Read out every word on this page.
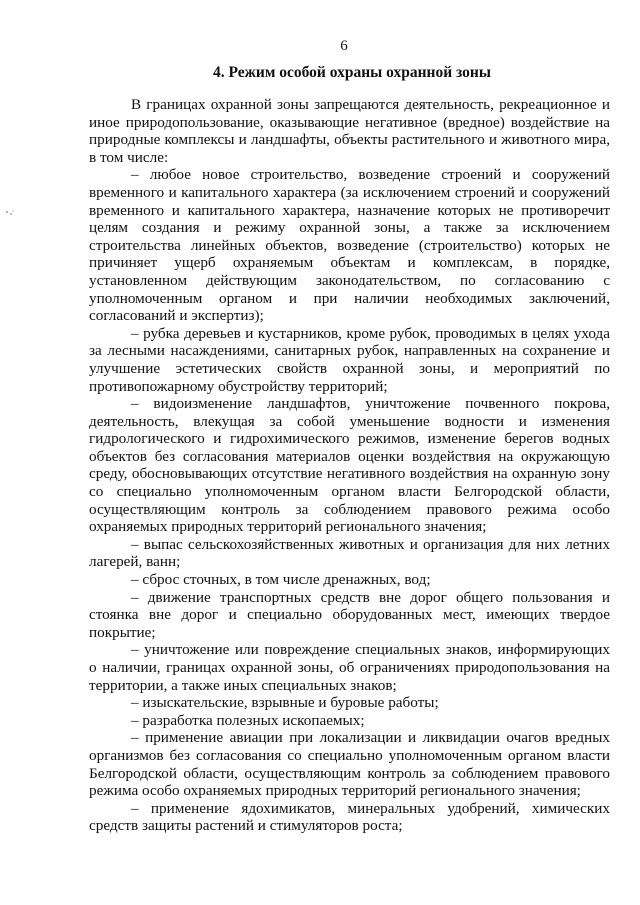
6
4. Режим особой охраны охранной зоны

В границах охранной зоны запрещаются деятельность, рекреационное и иное природопользование, оказывающие негативное (вредное) воздействие на природные комплексы и ландшафты, объекты растительного и животного мира, в том числе:

– любое новое строительство, возведение строений и сооружений временного и капитального характера (за исключением строений и сооружений временного и капитального характера, назначение которых не противоречит целям создания и режиму охранной зоны, а также за исключением строительства линейных объектов, возведение (строительство) которых не причиняет ущерб охраняемым объектам и комплексам, в порядке, установленном действующим законодательством, по согласованию с уполномоченным органом и при наличии необходимых заключений, согласований и экспертиз);

– рубка деревьев и кустарников, кроме рубок, проводимых в целях ухода за лесными насаждениями, санитарных рубок, направленных на сохранение и улучшение эстетических свойств охранной зоны, и мероприятий по противопожарному обустройству территорий;

– видоизменение ландшафтов, уничтожение почвенного покрова, деятельность, влекущая за собой уменьшение водности и изменения гидрологического и гидрохимического режимов, изменение берегов водных объектов без согласования материалов оценки воздействия на окружающую среду, обосновывающих отсутствие негативного воздействия на охранную зону со специально уполномоченным органом власти Белгородской области, осуществляющим контроль за соблюдением правового режима особо охраняемых природных территорий регионального значения;

– выпас сельскохозяйственных животных и организация для них летних лагерей, ванн;

– сброс сточных, в том числе дренажных, вод;

– движение транспортных средств вне дорог общего пользования и стоянка вне дорог и специально оборудованных мест, имеющих твердое покрытие;

– уничтожение или повреждение специальных знаков, информирующих о наличии, границах охранной зоны, об ограничениях природопользования на территории, а также иных специальных знаков;

– изыскательские, взрывные и буровые работы;

– разработка полезных ископаемых;

– применение авиации при локализации и ликвидации очагов вредных организмов без согласования со специально уполномоченным органом власти Белгородской области, осуществляющим контроль за соблюдением правового режима особо охраняемых природных территорий регионального значения;

– применение ядохимикатов, минеральных удобрений, химических средств защиты растений и стимуляторов роста;
